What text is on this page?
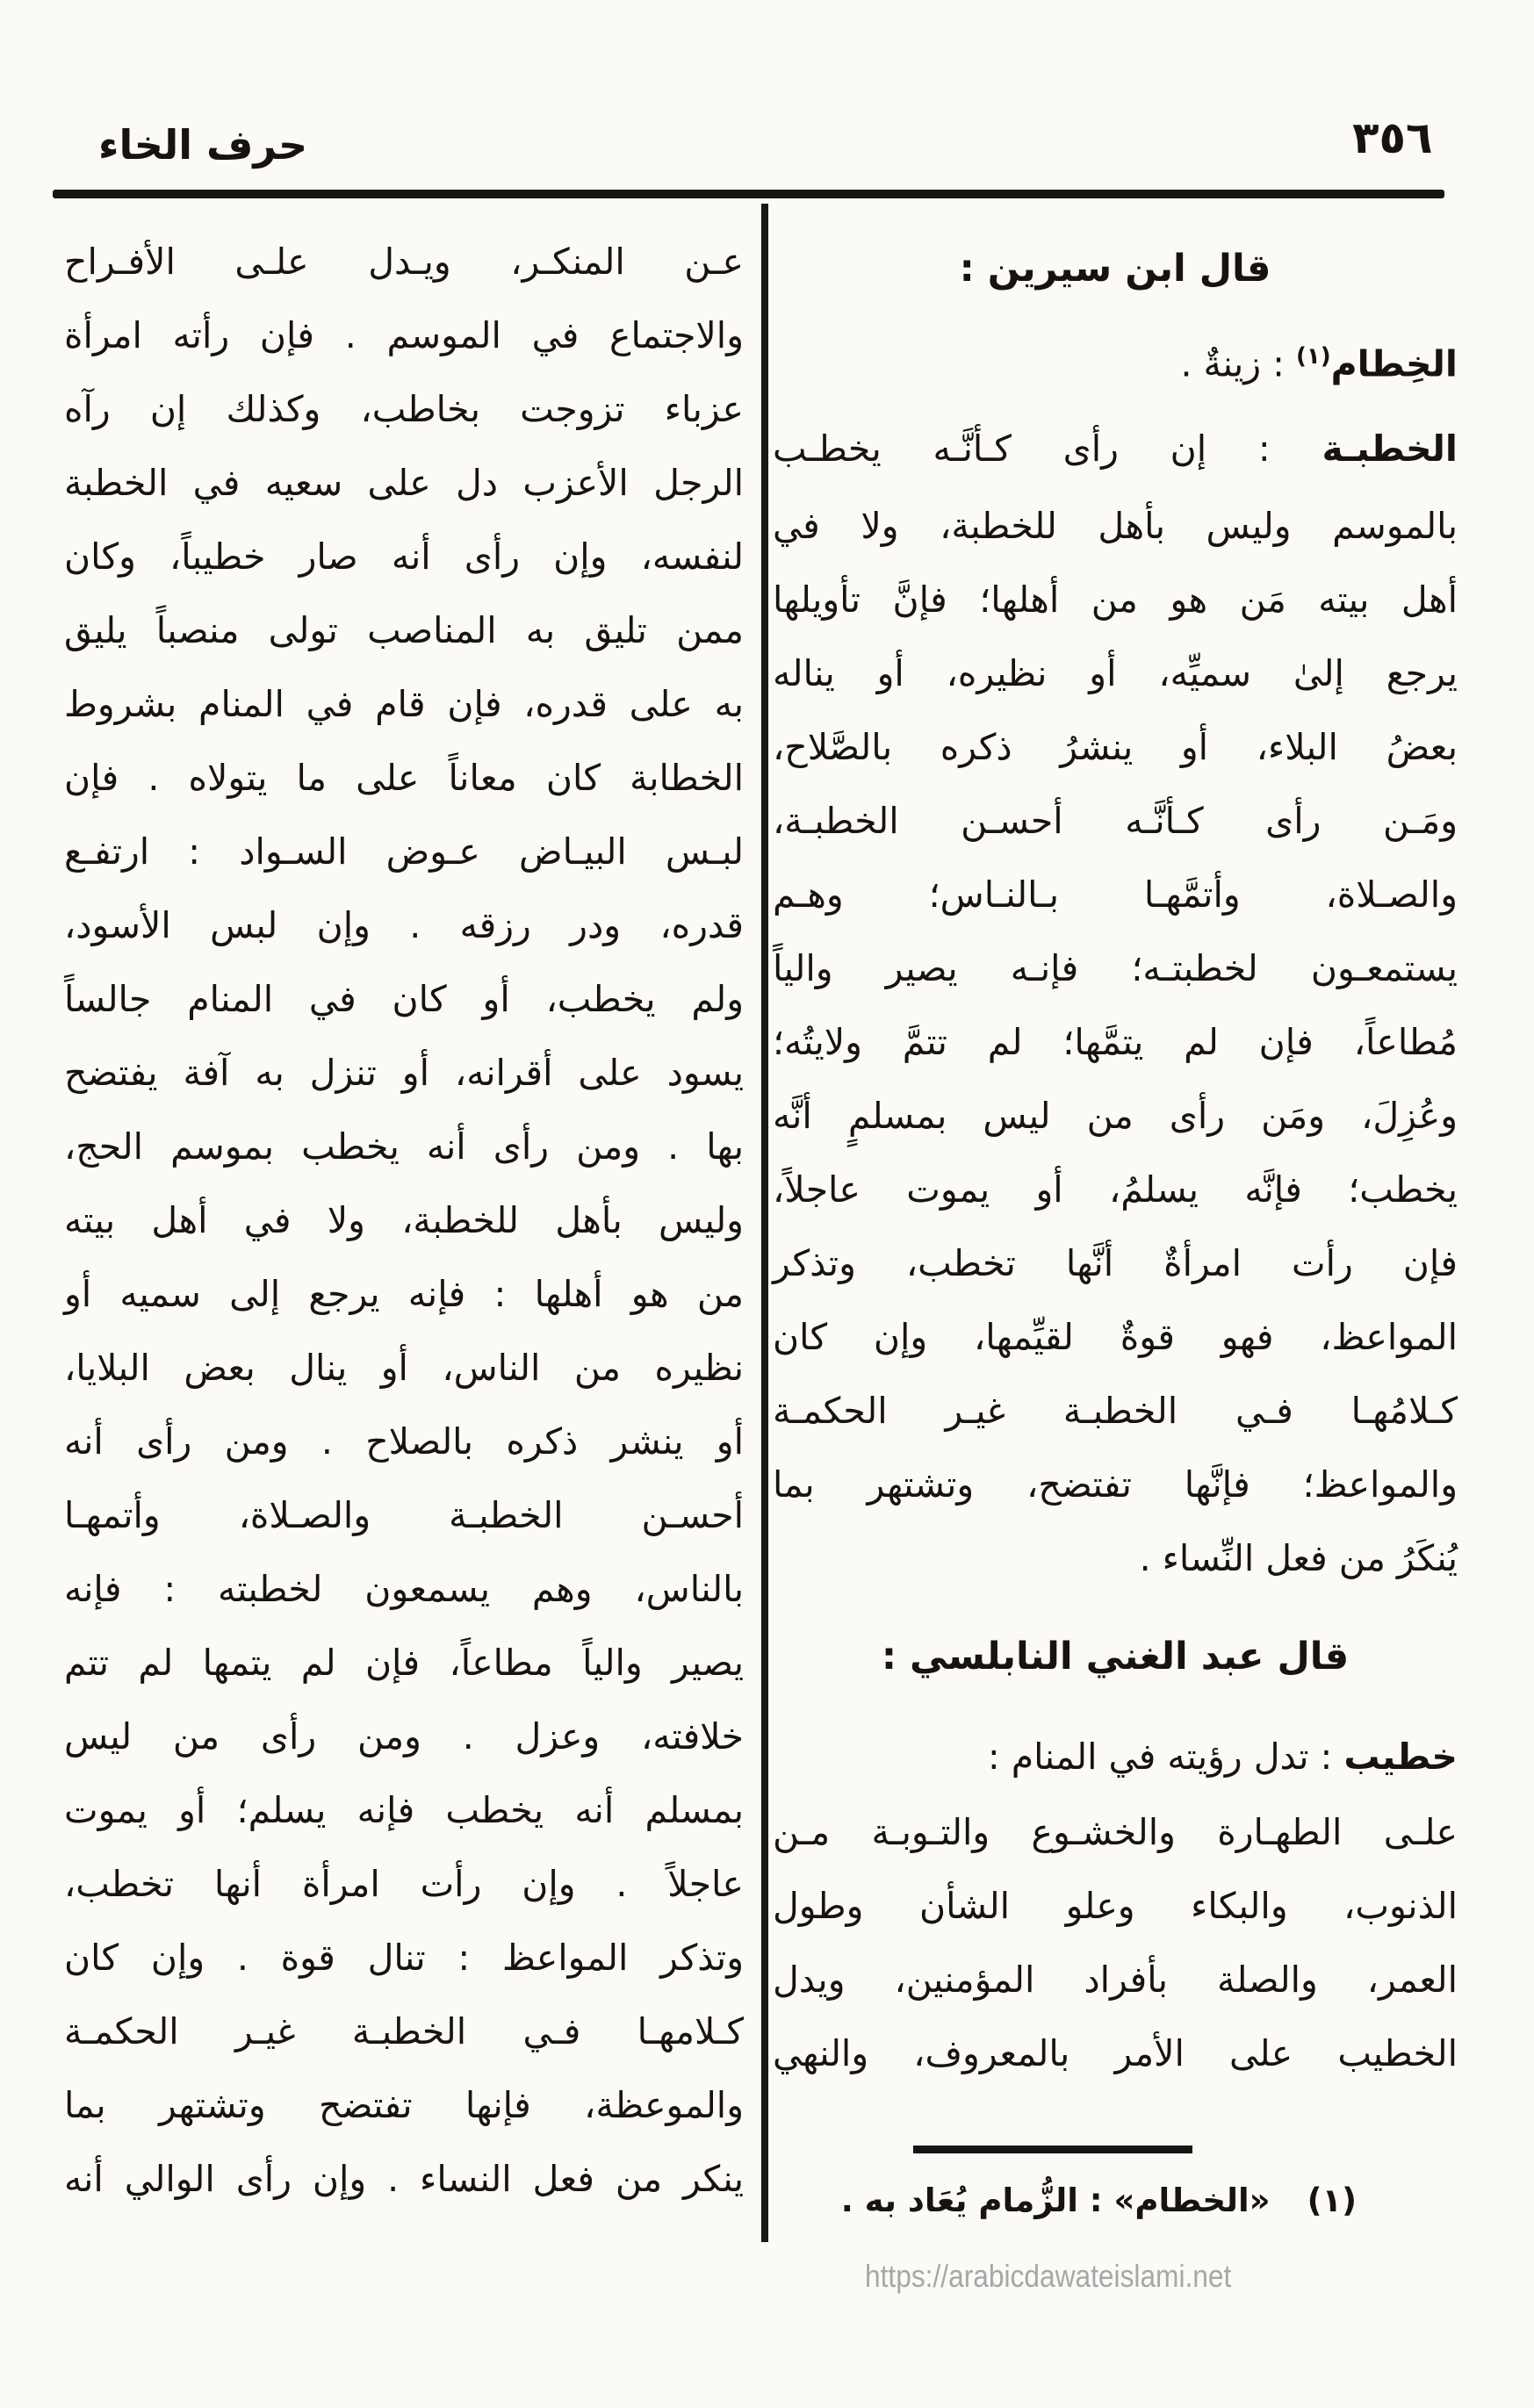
حرف الخاء	٣٥٦
قال ابن سيرين :
الخِطام$^{(١)}$ : زينةٌ .
الخطبـة : إن رأى كـأنَّـه يخطـب
بالموسم وليس بأهل للخطبة، ولا في
أهل بيته مَن هو من أهلها؛ فإنَّ تأويلها
يرجع إلىٰ سميِّه، أو نظيره، أو يناله
بعضُ البلاء، أو ينشرُ ذكره بالصَّلاح،
ومَـن رأى كـأنَّـه أحسـن الخطبـة،
والصـلاة، وأتمَّهـا بـالنـاس؛ وهـم
يستمعـون لخطبتـه؛ فإنـه يصير والياً
مُطاعاً، فإن لم يتمَّها؛ لم تتمَّ ولايتُه؛
وعُزِلَ، ومَن رأى من ليس بمسلمٍ أنَّه
يخطب؛ فإنَّه يسلمُ، أو يموت عاجلاً،
فإن رأت امرأةٌ أنَّها تخطب، وتذكر
المواعظ، فهو قوةٌ لقيِّمها، وإن كان
كـلامُهـا فـي الخطبـة غيـر الحكمـة
والمواعظ؛ فإنَّها تفتضح، وتشتهر بما
يُنكَرُ من فعل النِّساء .
قال عبد الغني النابلسي :
خطيب : تدل رؤيته في المنام :
علـى الطهـارة والخشـوع والتـوبـة مـن
الذنوب، والبكاء وعلو الشأن وطول
العمر، والصلة بأفراد المؤمنين، ويدل
الخطيب على الأمر بالمعروف، والنهي
عـن المنكـر، ويـدل علـى الأفـراح
والاجتماع في الموسم . فإن رأته امرأة
عزباء تزوجت بخاطب، وكذلك إن رآه
الرجل الأعزب دل على سعيه في الخطبة
لنفسه، وإن رأى أنه صار خطيباً، وكان
ممن تليق به المناصب تولى منصباً يليق
به على قدره، فإن قام في المنام بشروط
الخطابة كان معاناً على ما يتولاه . فإن
لبـس البيـاض عـوض السـواد : ارتفـع
قدره، ودر رزقه . وإن لبس الأسود،
ولم يخطب، أو كان في المنام جالساً
يسود على أقرانه، أو تنزل به آفة يفتضح
بها . ومن رأى أنه يخطب بموسم الحج،
وليس بأهل للخطبة، ولا في أهل بيته
من هو أهلها : فإنه يرجع إلى سميه أو
نظيره من الناس، أو ينال بعض البلايا،
أو ينشر ذكره بالصلاح . ومن رأى أنه
أحسـن الخطبـة والصـلاة، وأتمهـا
بالناس، وهم يسمعون لخطبته : فإنه
يصير والياً مطاعاً، فإن لم يتمها لم تتم
خلافته، وعزل . ومن رأى من ليس
بمسلم أنه يخطب فإنه يسلم؛ أو يموت
عاجلاً . وإن رأت امرأة أنها تخطب،
وتذكر المواعظ : تنال قوة . وإن كان
كـلامهـا فـي الخطبـة غيـر الحكمـة
والموعظة، فإنها تفتضح وتشتهر بما
ينكر من فعل النساء . وإن رأى الوالي أنه
(١)«الخطام» : الزُّمام يُعَاد به .
https://arabicdawateislami.net
